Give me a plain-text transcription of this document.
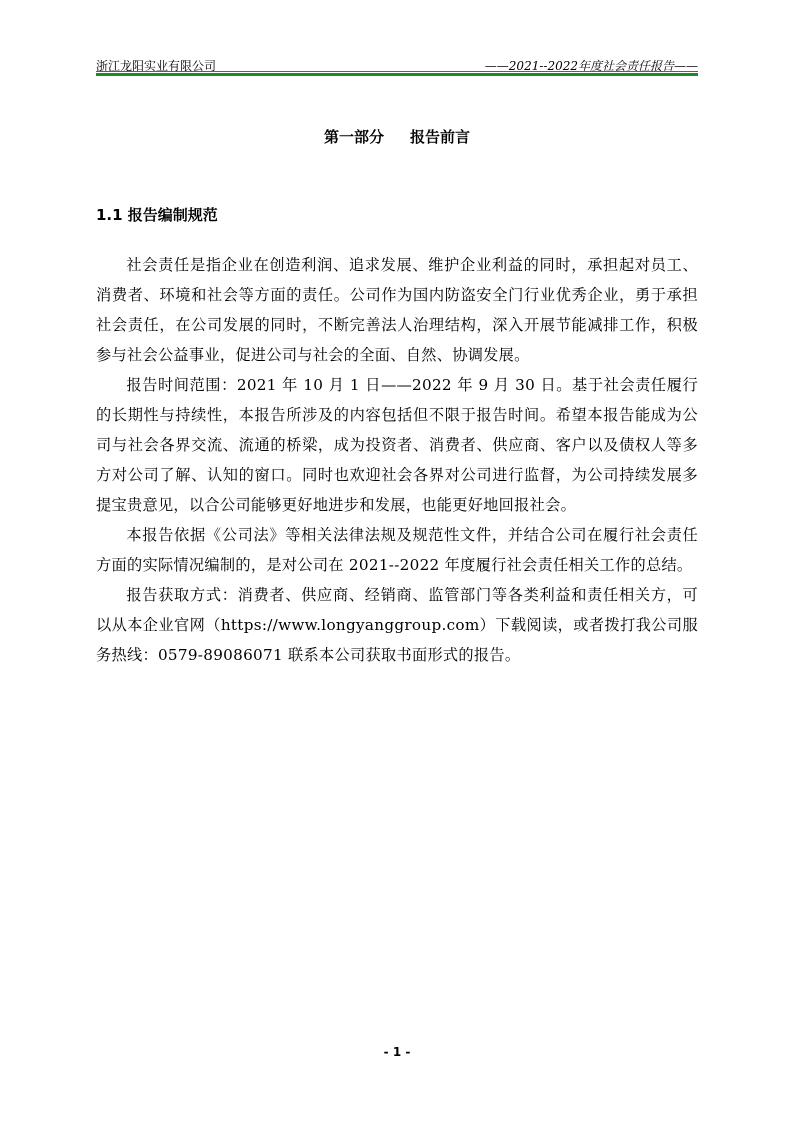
浙江龙阳实业有限公司	——2021--2022年度社会责任报告——
第一部分 报告前言
1.1 报告编制规范

社会责任是指企业在创造利润、追求发展、维护企业利益的同时，承担起对员工、消费者、环境和社会等方面的责任。公司作为国内防盗安全门行业优秀企业，勇于承担社会责任，在公司发展的同时，不断完善法人治理结构，深入开展节能减排工作，积极参与社会公益事业，促进公司与社会的全面、自然、协调发展。

报告时间范围：2021 年 10 月 1 日——2022 年 9 月 30 日。基于社会责任履行的长期性与持续性，本报告所涉及的内容包括但不限于报告时间。希望本报告能成为公司与社会各界交流、流通的桥梁，成为投资者、消费者、供应商、客户以及债权人等多方对公司了解、认知的窗口。同时也欢迎社会各界对公司进行监督，为公司持续发展多提宝贵意见，以合公司能够更好地进步和发展，也能更好地回报社会。

本报告依据《公司法》等相关法律法规及规范性文件，并结合公司在履行社会责任方面的实际情况编制的，是对公司在 2021--2022 年度履行社会责任相关工作的总结。

报告获取方式：消费者、供应商、经销商、监管部门等各类利益和责任相关方，可以从本企业官网（https://www.longyanggroup.com）下载阅读，或者拨打我公司服务热线：0579-89086071 联系本公司获取书面形式的报告。

- 1 -
